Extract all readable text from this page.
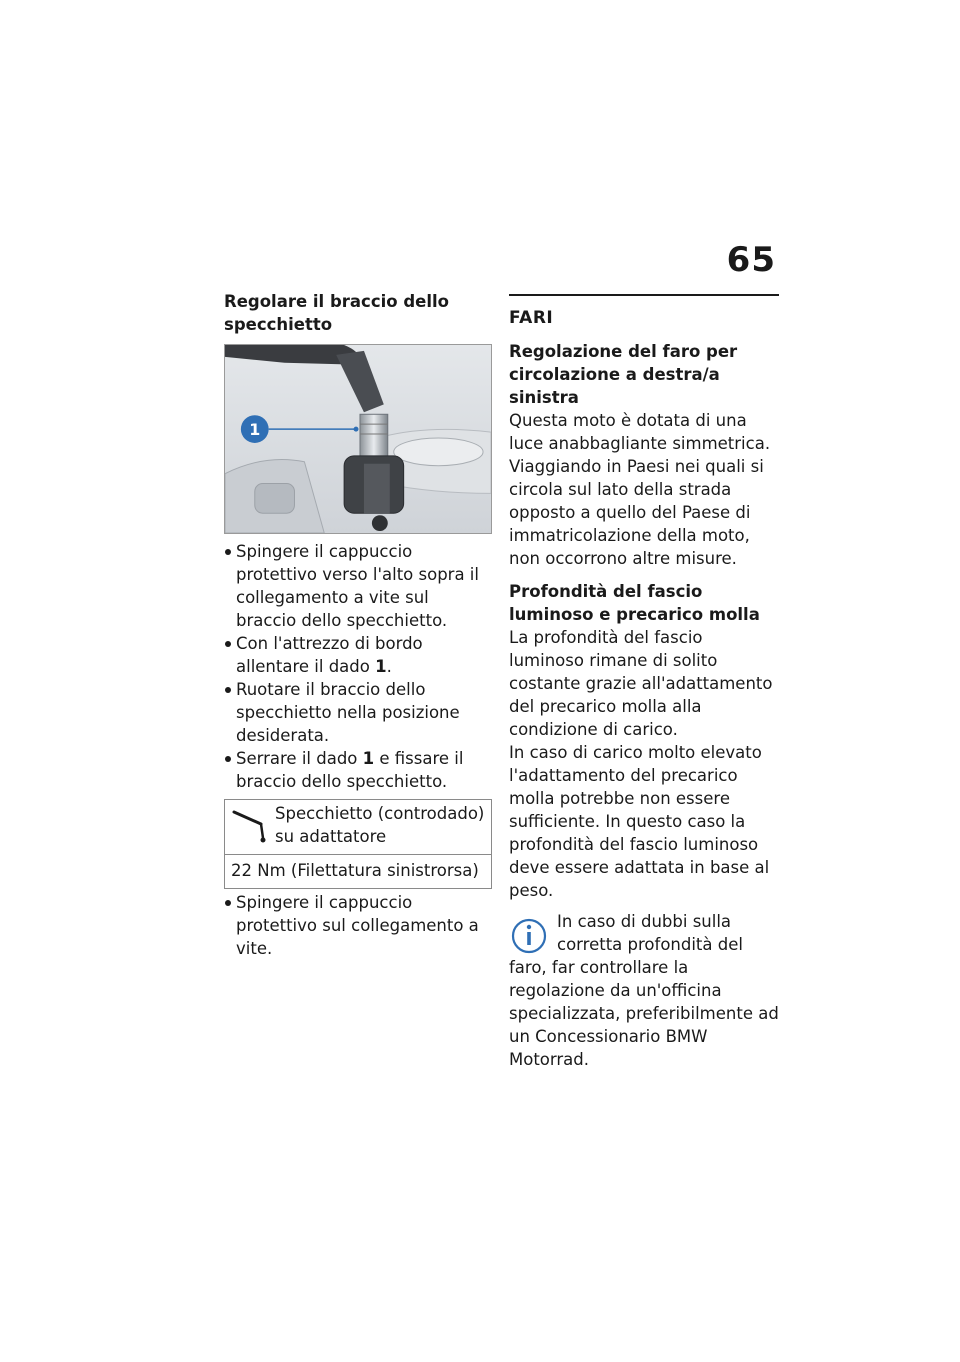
65

Regolare il braccio dello specchietto

1
Spingere il cappuccio protettivo verso l'alto sopra il collegamento a vite sul braccio dello specchietto.
Con l'attrezzo di bordo allentare il dado 1.
Ruotare il braccio dello specchietto nella posizione desiderata.
Serrare il dado 1 e fissare il braccio dello specchietto.
Specchietto (controdado) su adattatore
22 Nm (Filettatura sinistrorsa)
Spingere il cappuccio protettivo sul collegamento a vite.

FARI

Regolazione del faro per circolazione a destra/a sinistra

Questa moto è dotata di una luce anabbagliante simmetrica. Viaggiando in Paesi nei quali si circola sul lato della strada opposto a quello del Paese di immatricolazione della moto, non occorrono altre misure.

Profondità del fascio luminoso e precarico molla

La profondità del fascio luminoso rimane di solito costante grazie all'adattamento del precarico molla alla condizione di carico.

In caso di carico molto elevato l'adattamento del precarico molla potrebbe non essere sufficiente. In questo caso la profondità del fascio luminoso deve essere adattata in base al peso.

In caso di dubbi sulla corretta profondità del faro, far controllare la regolazione da un'officina specializzata, preferibilmente ad un Concessionario BMW Motorrad.
